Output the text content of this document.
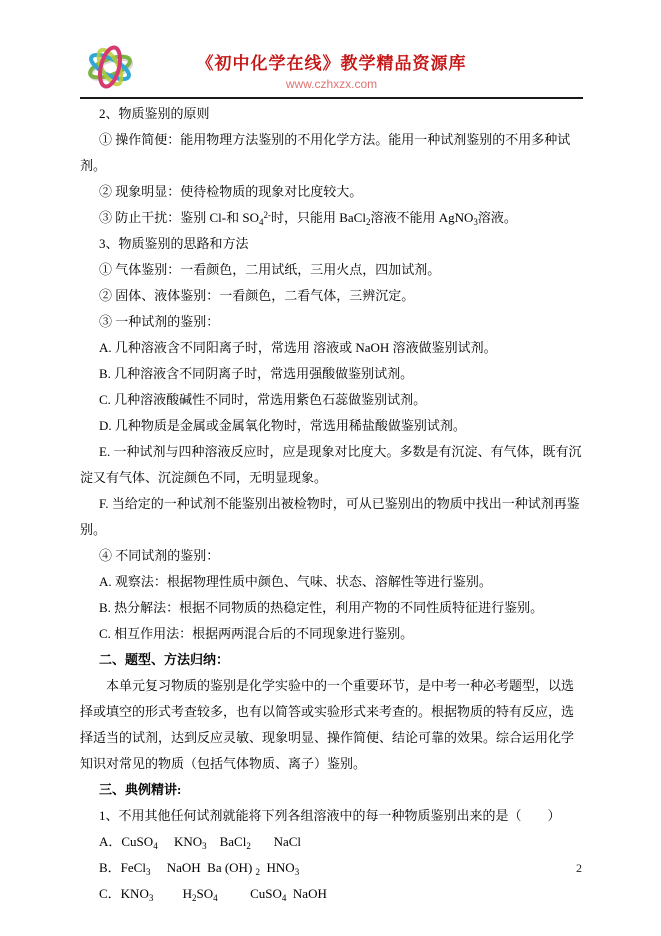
《初中化学在线》教学精品资源库
www.czhxzx.com

2、物质鉴别的原则

① 操作简便：能用物理方法鉴别的不用化学方法。能用一种试剂鉴别的不用多种试剂。

② 现象明显：使待检物质的现象对比度较大。

③ 防止干扰：鉴别 Cl-和 $SO_4^{2-}$时，只能用 BaCl$_2$溶液不能用 AgNO$_3$溶液。

3、物质鉴别的思路和方法

① 气体鉴别：一看颜色，二用试纸，三用火点，四加试剂。

② 固体、液体鉴别：一看颜色，二看气体，三辨沉定。

③ 一种试剂的鉴别：

A. 几种溶液含不同阳离子时，常选用 溶液或 NaOH 溶液做鉴别试剂。

B. 几种溶液含不同阴离子时，常选用强酸做鉴别试剂。

C. 几种溶液酸碱性不同时，常选用紫色石蕊做鉴别试剂。

D. 几种物质是金属或金属氧化物时，常选用稀盐酸做鉴别试剂。

E. 一种试剂与四种溶液反应时，应是现象对比度大。多数是有沉淀、有气体，既有沉淀又有气体、沉淀颜色不同，无明显现象。

F. 当给定的一种试剂不能鉴别出被检物时，可从已鉴别出的物质中找出一种试剂再鉴别。

④ 不同试剂的鉴别：

A. 观察法：根据物理性质中颜色、气味、状态、溶解性等进行鉴别。

B. 热分解法：根据不同物质的热稳定性，利用产物的不同性质特征进行鉴别。

C. 相互作用法：根据两两混合后的不同现象进行鉴别。

二、题型、方法归纳：

本单元复习物质的鉴别是化学实验中的一个重要环节，是中考一种必考题型，以选择或填空的形式考查较多，也有以简答或实验形式来考查的。根据物质的特有反应，选择适当的试剂，达到反应灵敏、现象明显、操作简便、结论可靠的效果。综合运用化学知识对常见的物质（包括气体物质、离子）鉴别。

三、典例精讲:

1、不用其他任何试剂就能将下列各组溶液中的每一种物质鉴别出来的是（　　）

A．CuSO$_4$     $KNO_3$    BaCl$_2$       NaCl

B．FeCl$_3$     NaOH  Ba (OH) $_2$  $HNO_3$

C．$KNO_3$         $H_2SO_4$          CuSO$_4$  NaOH

2
